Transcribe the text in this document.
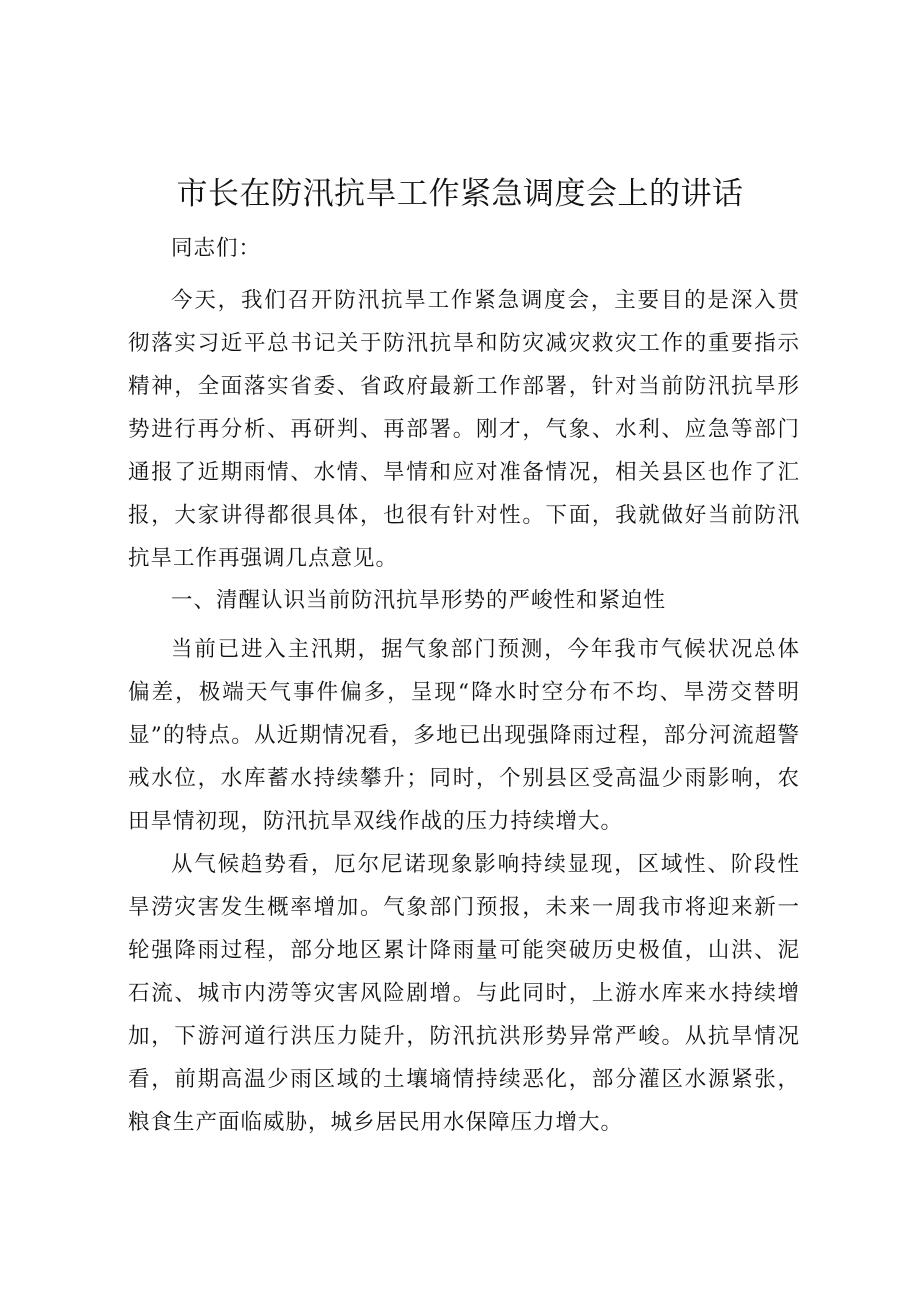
市长在防汛抗旱工作紧急调度会上的讲话

同志们：

今天，我们召开防汛抗旱工作紧急调度会，主要目的是深入贯彻落实习近平总书记关于防汛抗旱和防灾减灾救灾工作的重要指示精神，全面落实省委、省政府最新工作部署，针对当前防汛抗旱形势进行再分析、再研判、再部署。刚才，气象、水利、应急等部门通报了近期雨情、水情、旱情和应对准备情况，相关县区也作了汇报，大家讲得都很具体，也很有针对性。下面，我就做好当前防汛抗旱工作再强调几点意见。

一、清醒认识当前防汛抗旱形势的严峻性和紧迫性

当前已进入主汛期，据气象部门预测，今年我市气候状况总体偏差，极端天气事件偏多，呈现“降水时空分布不均、旱涝交替明显”的特点。从近期情况看，多地已出现强降雨过程，部分河流超警戒水位，水库蓄水持续攀升；同时，个别县区受高温少雨影响，农田旱情初现，防汛抗旱双线作战的压力持续增大。

从气候趋势看，厄尔尼诺现象影响持续显现，区域性、阶段性旱涝灾害发生概率增加。气象部门预报，未来一周我市将迎来新一轮强降雨过程，部分地区累计降雨量可能突破历史极值，山洪、泥石流、城市内涝等灾害风险剧增。与此同时，上游水库来水持续增加，下游河道行洪压力陡升，防汛抗洪形势异常严峻。从抗旱情况看，前期高温少雨区域的土壤墒情持续恶化，部分灌区水源紧张，粮食生产面临威胁，城乡居民用水保障压力增大。
